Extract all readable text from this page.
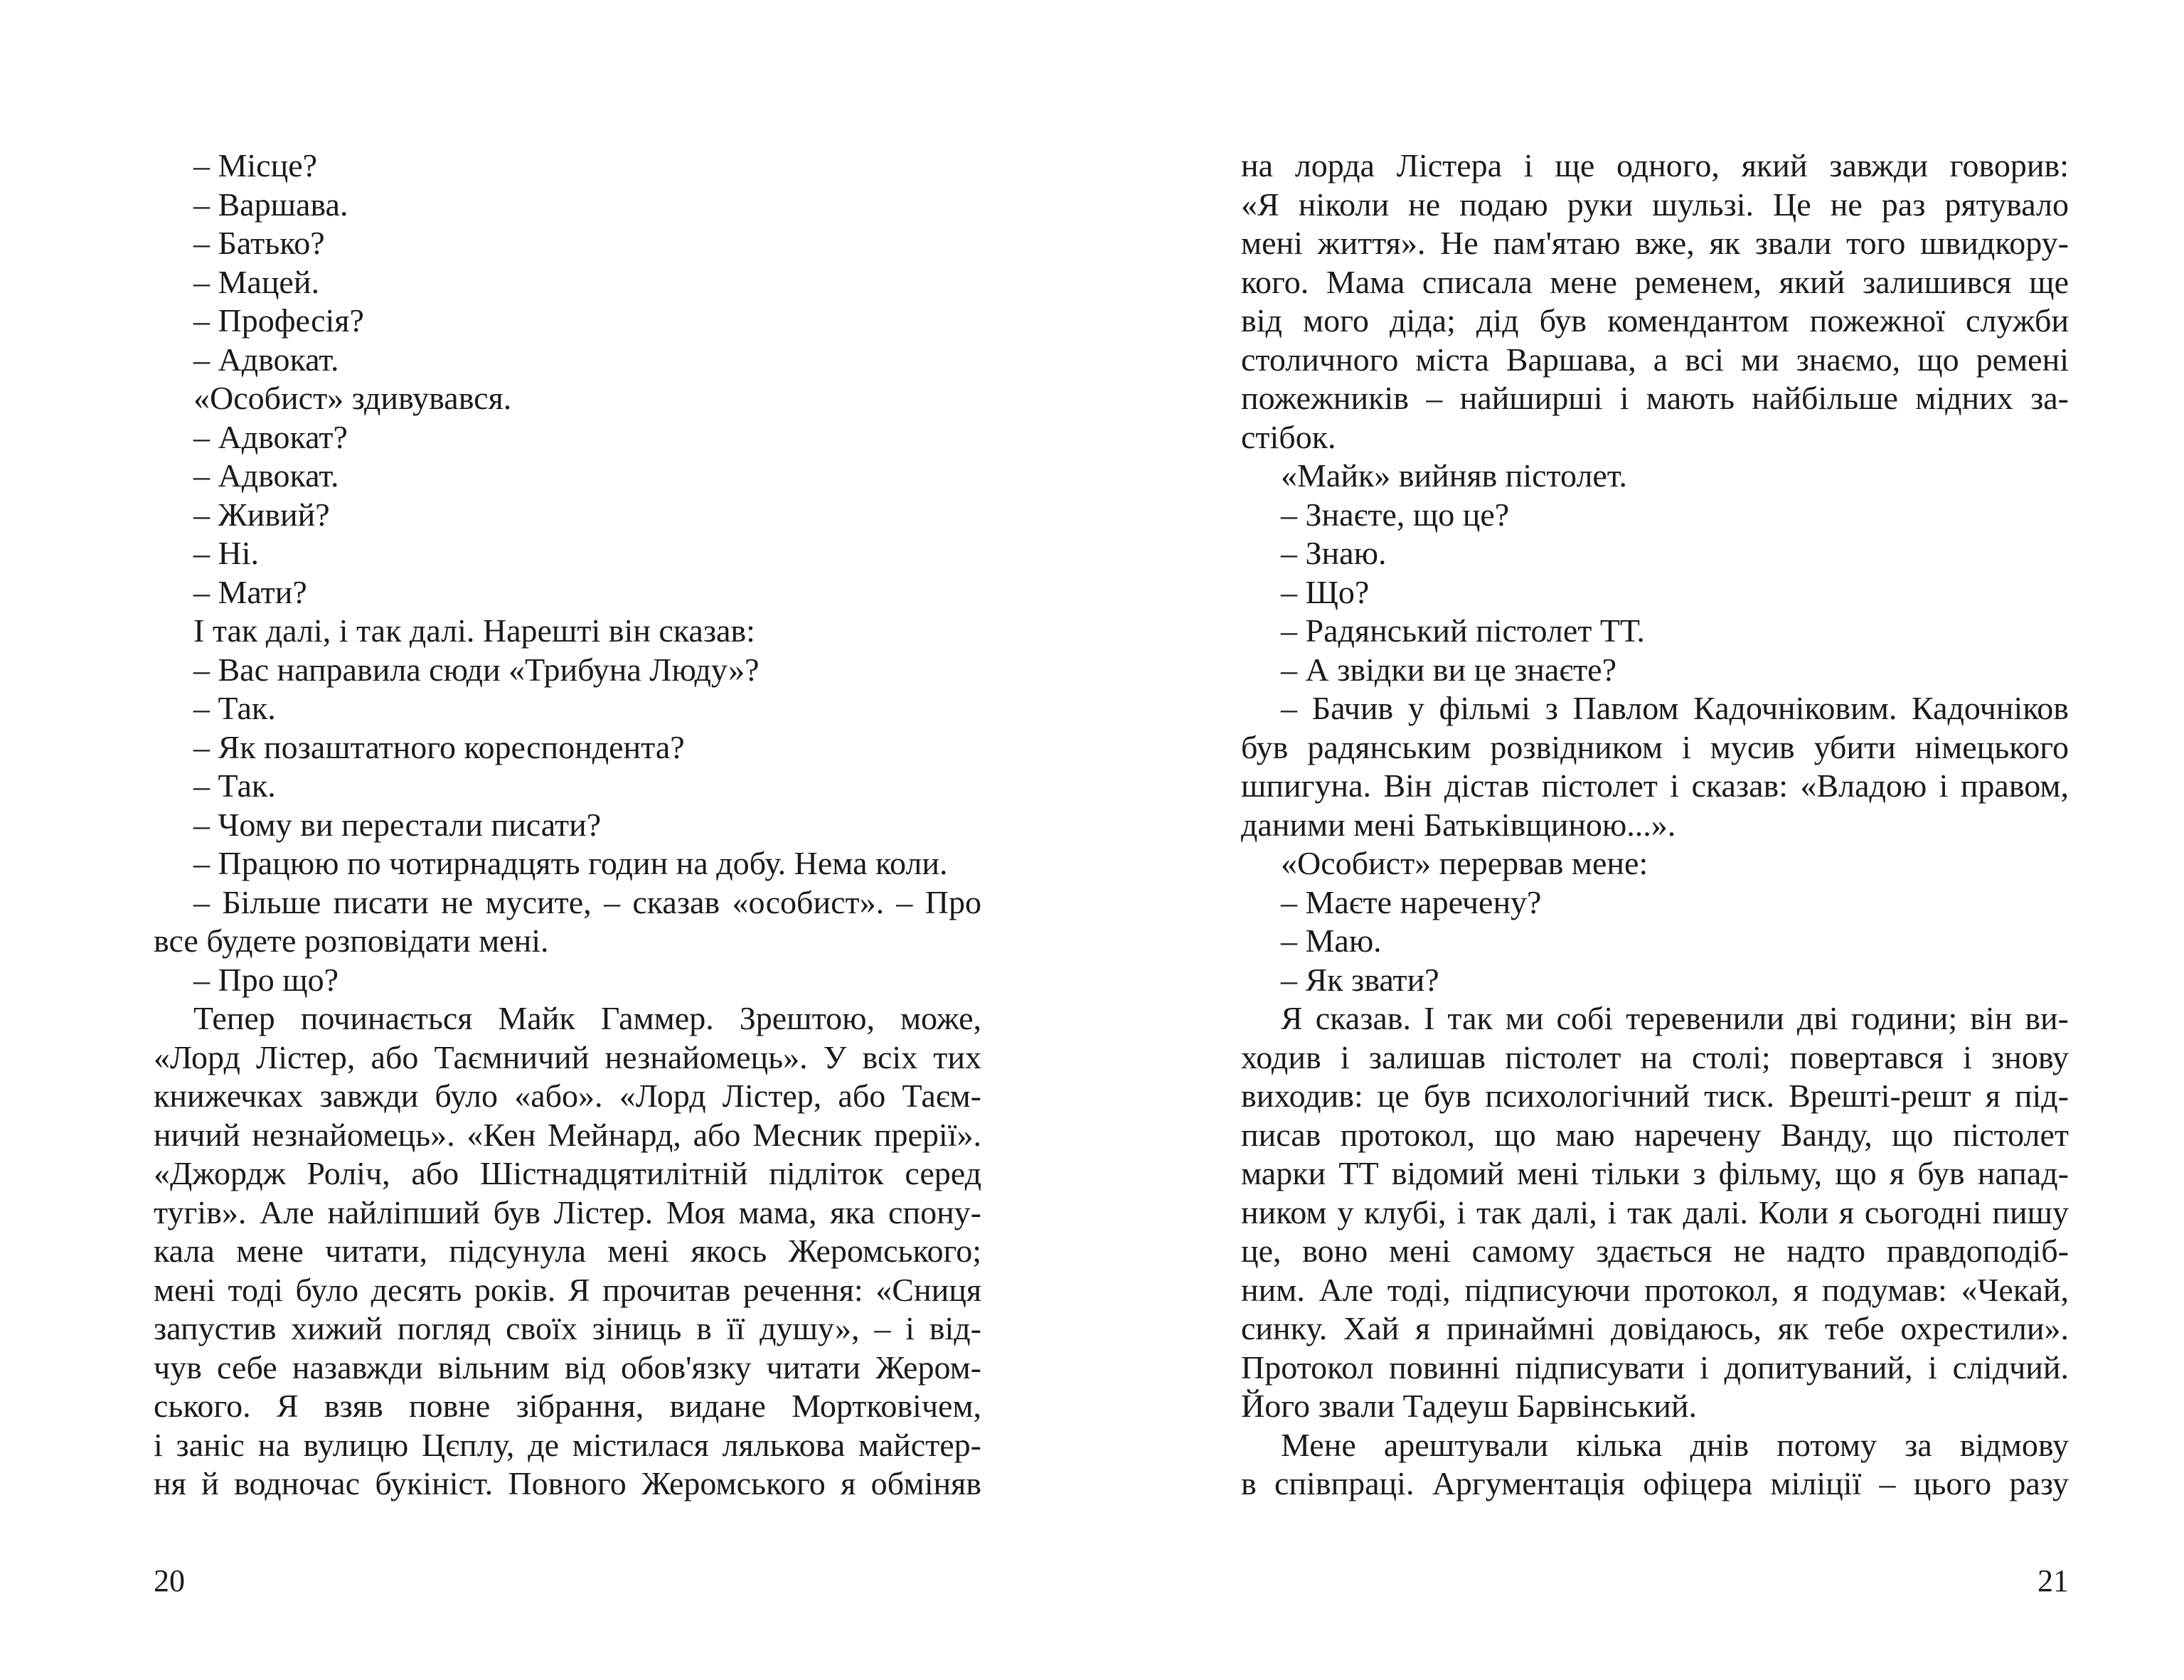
– Місце?
– Варшава.
– Батько?
– Мацей.
– Професія?
– Адвокат.
«Особист» здивувався.
– Адвокат?
– Адвокат.
– Живий?
– Ні.
– Мати?
І так далі, і так далі. Нарешті він сказав:
– Вас направила сюди «Трибуна Люду»?
– Так.
– Як позаштатного кореспондента?
– Так.
– Чому ви перестали писати?
– Працюю по чотирнадцять годин на добу. Нема коли.
– Більше писати не мусите, – сказав «особист». – Про
все будете розповідати мені.
– Про що?
Тепер починається Майк Гаммер. Зрештою, може,
«Лорд Лістер, або Таємничий незнайомець». У всіх тих
книжечках завжди було «або». «Лорд Лістер, або Таєм-
ничий незнайомець». «Кен Мейнард, або Месник прерії».
«Джордж Роліч, або Шістнадцятилітній підліток серед
тугів». Але найліпший був Лістер. Моя мама, яка спону-
кала мене читати, підсунула мені якось Жеромського;
мені тоді було десять років. Я прочитав речення: «Сниця
запустив хижий погляд своїх зіниць в її душу», – і від-
чув себе назавжди вільним від обов'язку читати Жером-
ського. Я взяв повне зібрання, видане Мортковічем,
і заніс на вулицю Цєплу, де містилася лялькова майстер-
ня й водночас букініст. Повного Жеромського я обміняв
20
на лорда Лістера і ще одного, який завжди говорив:
«Я ніколи не подаю руки шульзі. Це не раз рятувало
мені життя». Не пам'ятаю вже, як звали того швидкору-
кого. Мама списала мене ременем, який залишився ще
від мого діда; дід був комендантом пожежної служби
столичного міста Варшава, а всі ми знаємо, що ремені
пожежників – найширші і мають найбільше мідних за-
стібок.
«Майк» вийняв пістолет.
– Знаєте, що це?
– Знаю.
– Що?
– Радянський пістолет ТТ.
– А звідки ви це знаєте?
– Бачив у фільмі з Павлом Кадочніковим. Кадочніков
був радянським розвідником і мусив убити німецького
шпигуна. Він дістав пістолет і сказав: «Владою і правом,
даними мені Батьківщиною...».
«Особист» перервав мене:
– Маєте наречену?
– Маю.
– Як звати?
Я сказав. І так ми собі теревенили дві години; він ви-
ходив і залишав пістолет на столі; повертався і знову
виходив: це був психологічний тиск. Врешті-решт я під-
писав протокол, що маю наречену Ванду, що пістолет
марки ТТ відомий мені тільки з фільму, що я був напад-
ником у клубі, і так далі, і так далі. Коли я сьогодні пишу
це, воно мені самому здається не надто правдоподіб-
ним. Але тоді, підписуючи протокол, я подумав: «Чекай,
синку. Хай я принаймні довідаюсь, як тебе охрестили».
Протокол повинні підписувати і допитуваний, і слідчий.
Його звали Тадеуш Барвінський.
Мене арештували кілька днів потому за відмову
в співпраці. Аргументація офіцера міліції – цього разу
21
